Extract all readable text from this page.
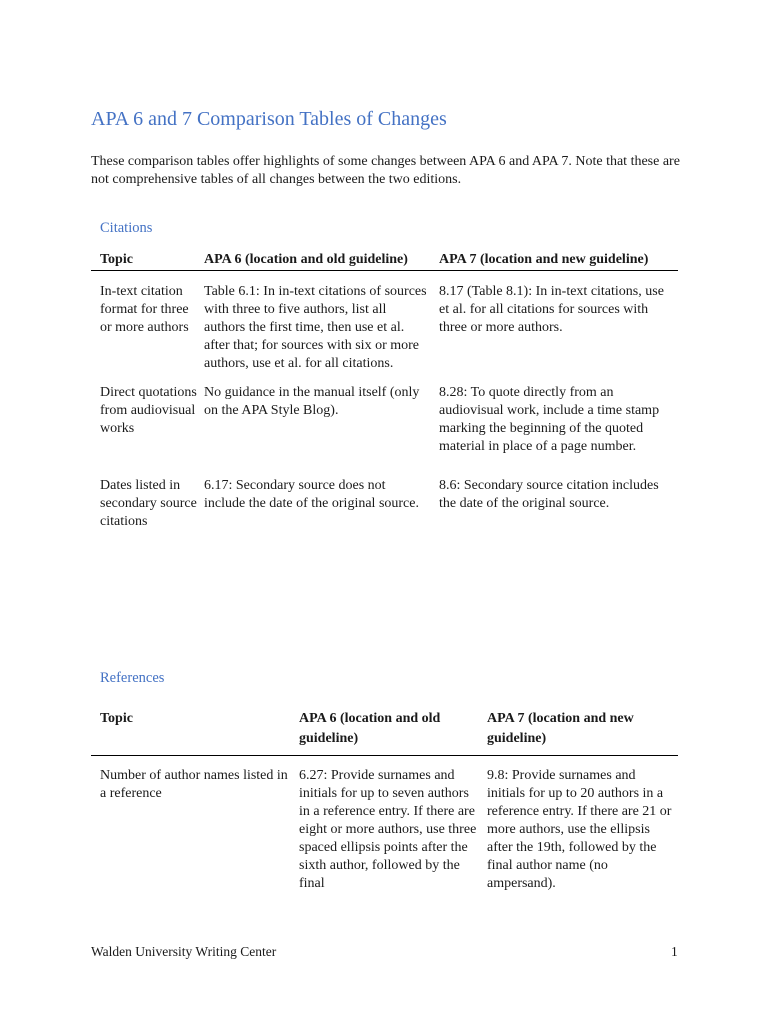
APA 6 and 7 Comparison Tables of Changes

These comparison tables offer highlights of some changes between APA 6 and APA 7. Note that these are not comprehensive tables of all changes between the two editions.

Citations
Topic	APA 6 (location and old guideline)	APA 7 (location and new guideline)
In-text citation format for three or more authors	Table 6.1: In in-text citations of sources with three to five authors, list all authors the first time, then use et al. after that; for sources with six or more authors, use et al. for all citations.	8.17 (Table 8.1): In in-text citations, use et al. for all citations for sources with three or more authors.
Direct quotations from audiovisual works	No guidance in the manual itself (only on the APA Style Blog).	8.28: To quote directly from an audiovisual work, include a time stamp marking the beginning of the quoted material in place of a page number.
Dates listed in secondary source citations	6.17: Secondary source does not include the date of the original source.	8.6: Secondary source citation includes the date of the original source.
References
Topic	APA 6 (location and old guideline)	APA 7 (location and new guideline)
Number of author names listed in a reference	6.27: Provide surnames and initials for up to seven authors in a reference entry. If there are eight or more authors, use three spaced ellipsis points after the sixth author, followed by the final	9.8: Provide surnames and initials for up to 20 authors in a reference entry. If there are 21 or more authors, use the ellipsis after the 19th, followed by the final author name (no ampersand).
Walden University Writing Center	1
